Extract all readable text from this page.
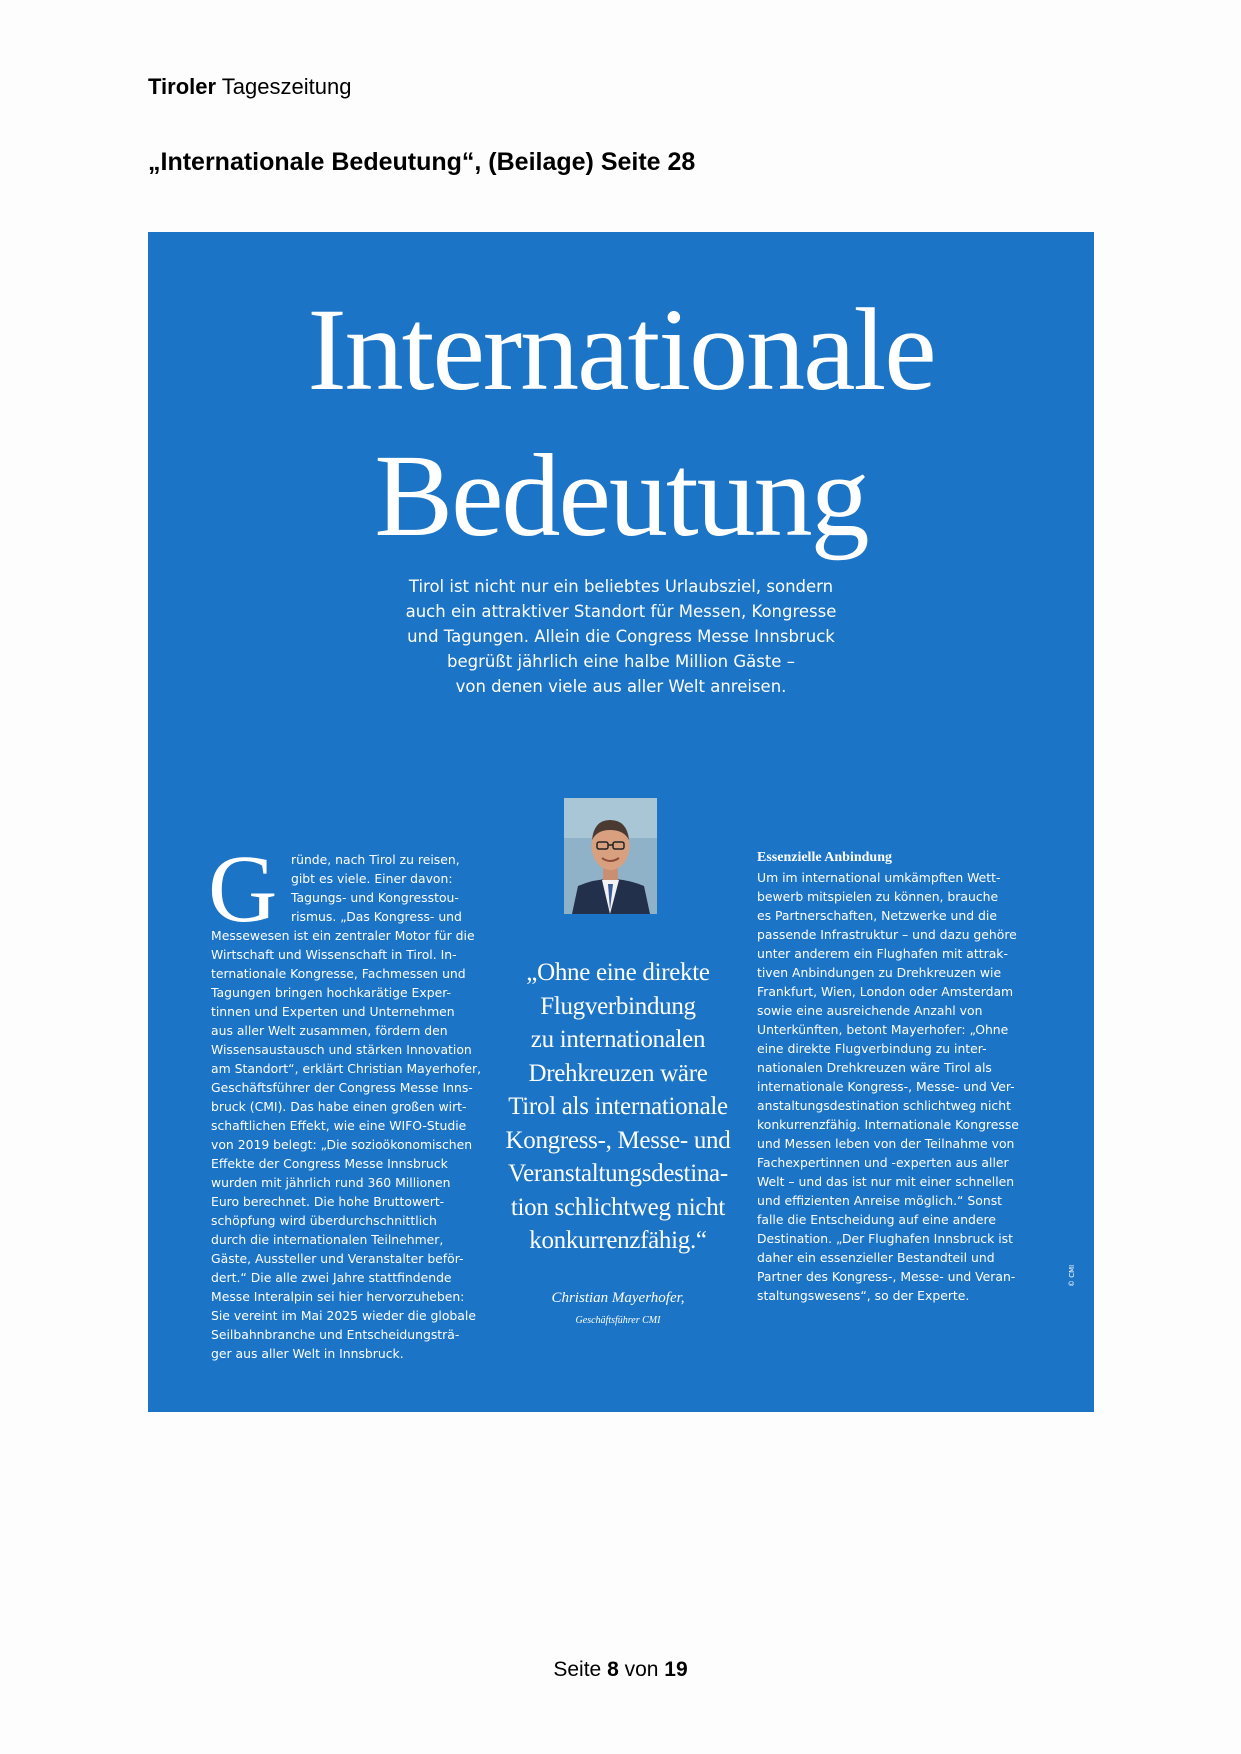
Tiroler Tageszeitung
„Internationale Bedeutung“, (Beilage) Seite 28
Internationale
Bedeutung
Tirol ist nicht nur ein beliebtes Urlaubsziel, sondern
auch ein attraktiver Standort für Messen, Kongresse
und Tagungen. Allein die Congress Messe Innsbruck
begrüßt jährlich eine halbe Million Gäste –
von denen viele aus aller Welt anreisen.
G	ründe, nach Tirol zu reisen,
gibt es viele. Einer davon:
Tagungs- und Kongresstou-
rismus. „Das Kongress- und
Messewesen ist ein zentraler Motor für die
Wirtschaft und Wissenschaft in Tirol. In-
ternationale Kongresse, Fachmessen und
Tagungen bringen hochkarätige Exper-
tinnen und Experten und Unternehmen
aus aller Welt zusammen, fördern den
Wissensaustausch und stärken Innovation
am Standort“, erklärt Christian Mayerhofer,
Geschäftsführer der Congress Messe Inns-
bruck (CMI). Das habe einen großen wirt-
schaftlichen Effekt, wie eine WIFO-Studie
von 2019 belegt: „Die sozioökonomischen
Effekte der Congress Messe Innsbruck
wurden mit jährlich rund 360 Millionen
Euro berechnet. Die hohe Bruttowert-
schöpfung wird überdurchschnittlich
durch die internationalen Teilnehmer,
Gäste, Aussteller und Veranstalter beför-
dert.“ Die alle zwei Jahre stattfindende
Messe Interalpin sei hier hervorzuheben:
Sie vereint im Mai 2025 wieder die globale
Seilbahnbranche und Entscheidungsträ-
ger aus aller Welt in Innsbruck.
„Ohne eine direkte
Flugverbindung
zu internationalen
Drehkreuzen wäre
Tirol als internationale
Kongress-, Messe- und
Veranstaltungsdestina-
tion schlichtweg nicht
konkurrenzfähig.“
Christian Mayerhofer,
Geschäftsführer CMI
Essenzielle Anbindung
Um im international umkämpften Wett-
bewerb mitspielen zu können, brauche
es Partnerschaften, Netzwerke und die
passende Infrastruktur – und dazu gehöre
unter anderem ein Flughafen mit attrak-
tiven Anbindungen zu Drehkreuzen wie
Frankfurt, Wien, London oder Amsterdam
sowie eine ausreichende Anzahl von
Unterkünften, betont Mayerhofer: „Ohne
eine direkte Flugverbindung zu inter-
nationalen Drehkreuzen wäre Tirol als
internationale Kongress-, Messe- und Ver-
anstaltungsdestination schlichtweg nicht
konkurrenzfähig. Internationale Kongresse
und Messen leben von der Teilnahme von
Fachexpertinnen und -experten aus aller
Welt – und das ist nur mit einer schnellen
und effizienten Anreise möglich.“ Sonst
falle die Entscheidung auf eine andere
Destination. „Der Flughafen Innsbruck ist
daher ein essenzieller Bestandteil und
Partner des Kongress-, Messe- und Veran-
staltungswesens“, so der Experte.
© CMI
Seite 8 von 19
